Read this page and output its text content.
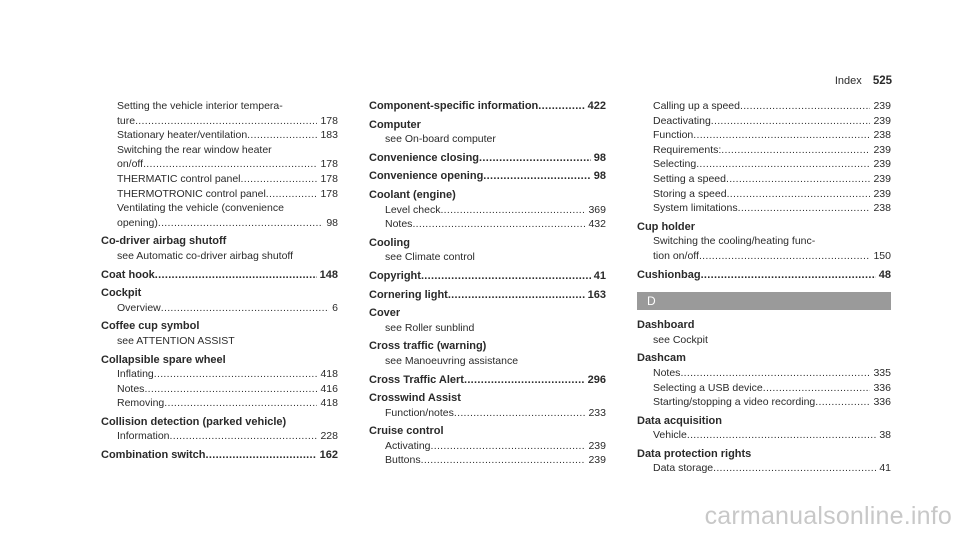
Index 525
Setting the vehicle interior tempera-
ture .....	178
Stationary heater/ventilation .....	183
Switching the rear window heater
on/off .....	178
THERMATIC control panel .....	178
THERMOTRONIC control panel .....	178
Ventilating the vehicle (convenience
opening) .....	98
Co-driver airbag shutoff
see Automatic co-driver airbag shutoff
Coat hook .....	148
Cockpit
Overview .....	6
Coffee cup symbol
see ATTENTION ASSIST
Collapsible spare wheel
Inflating .....	418
Notes .....	416
Removing .....	418
Collision detection (parked vehicle)
Information .....	228
Combination switch .....	162
Component-specific information .....	422
Computer
see On-board computer
Convenience closing .....	98
Convenience opening .....	98
Coolant (engine)
Level check .....	369
Notes .....	432
Cooling
see Climate control
Copyright .....	41
Cornering light .....	163
Cover
see Roller sunblind
Cross traffic (warning)
see Manoeuvring assistance
Cross Traffic Alert .....	296
Crosswind Assist
Function/notes .....	233
Cruise control
Activating .....	239
Buttons .....	239
Calling up a speed .....	239
Deactivating .....	239
Function .....	238
Requirements: .....	239
Selecting .....	239
Setting a speed .....	239
Storing a speed .....	239
System limitations .....	238
Cup holder
Switching the cooling/heating func-
tion on/off .....	150
Cushionbag .....	48
D
Dashboard
see Cockpit
Dashcam
Notes .....	335
Selecting a USB device .....	336
Starting/stopping a video recording .....	336
Data acquisition
Vehicle .....	38
Data protection rights
Data storage .....	41
carmanualsonline.info
